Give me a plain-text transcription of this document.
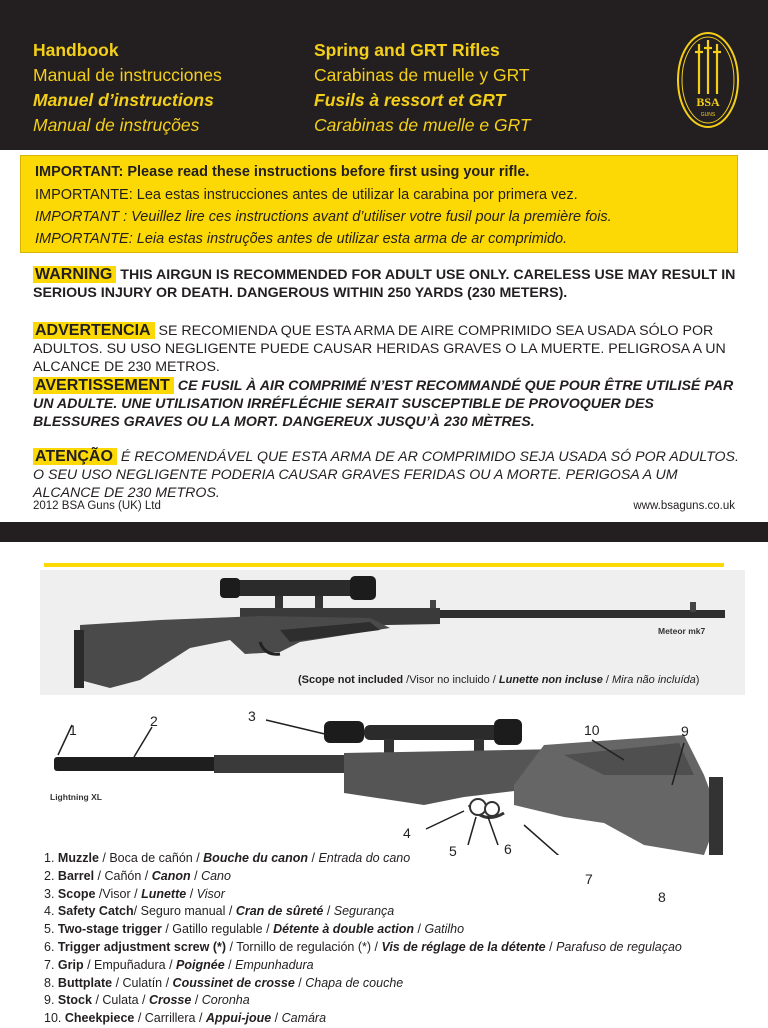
Handbook
Manual de instrucciones
Manuel d’instructions
Manual de instruções
Spring and GRT Rifles
Carabinas de muelle y GRT
Fusils à ressort et GRT
Carabinas de muelle e GRT
BSA
GUNS
IMPORTANT: Please read these instructions before first using your rifle.
IMPORTANTE: Lea estas instrucciones antes de utilizar la carabina por primera vez.
IMPORTANT : Veuillez lire ces instructions avant d’utiliser votre fusil pour la première fois.
IMPORTANTE: Leia estas instruções antes de utilizar esta arma de ar comprimido.
WARNING THIS AIRGUN IS RECOMMENDED FOR ADULT USE ONLY. CARELESS USE MAY RESULT IN SERIOUS INJURY OR DEATH. DANGEROUS WITHIN 250 YARDS (230 METERS).
ADVERTENCIA SE RECOMIENDA QUE ESTA ARMA DE AIRE COMPRIMIDO SEA USADA SÓLO POR ADULTOS. SU USO NEGLIGENTE PUEDE CAUSAR HERIDAS GRAVES O LA MUERTE. PELIGROSA A UN ALCANCE DE 230 METROS.
AVERTISSEMENT CE FUSIL À AIR COMPRIMÉ N’EST RECOMMANDÉ QUE POUR ÊTRE UTILISÉ PAR UN ADULTE. UNE UTILISATION IRRÉFLÉCHIE SERAIT SUSCEPTIBLE DE PROVOQUER DES BLESSURES GRAVES OU LA MORT. DANGEREUX JUSQU’À 230 MÈTRES.
ATENÇÃO É RECOMENDÁVEL QUE ESTA ARMA DE AR COMPRIMIDO SEJA USADA SÓ POR ADULTOS. O SEU USO NEGLIGENTE PODERIA CAUSAR GRAVES FERIDAS OU A MORTE. PERIGOSA A UM ALCANCE DE 230 METROS.
2012 BSA Guns (UK) Ltd	www.bsaguns.co.uk
Meteor mk7
(Scope not included /Visor no incluido / Lunette non incluse / Mira não incluída)
Lightning XL
1
2	3
4
5	6
7
8
9
10
1. Muzzle / Boca de cañón / Bouche du canon / Entrada do cano
2. Barrel / Cañón / Canon / Cano
3. Scope /Visor / Lunette / Visor
4. Safety Catch/ Seguro manual / Cran de sûreté / Segurança
5. Two-stage trigger / Gatillo regulable / Détente à double action / Gatilho
6. Trigger adjustment screw (*) / Tornillo de regulación (*) / Vis de réglage de la détente / Parafuso de regulaçao
7. Grip / Empuñadura / Poignée / Empunhadura
8. Buttplate / Culatín / Coussinet de crosse / Chapa de couche
9. Stock / Culata / Crosse / Coronha
10. Cheekpiece / Carrillera / Appui-joue / Camára
